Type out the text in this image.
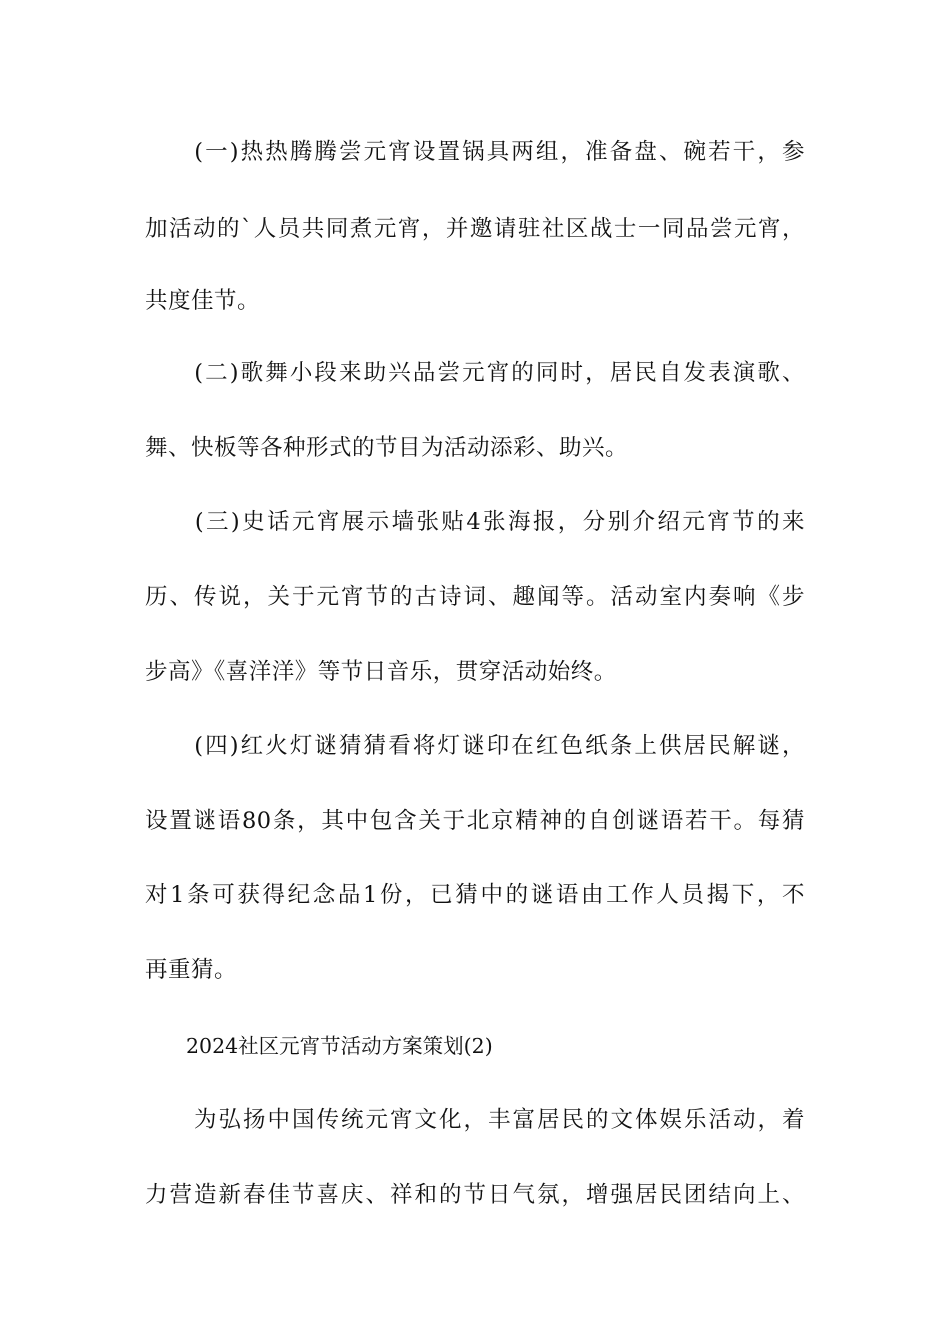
　　(一)热热腾腾尝元宵设置锅具两组，准备盘、碗若干，参
加活动的`人员共同煮元宵，并邀请驻社区战士一同品尝元宵，
共度佳节。
　　(二)歌舞小段来助兴品尝元宵的同时，居民自发表演歌、
舞、快板等各种形式的节目为活动添彩、助兴。
　　(三)史话元宵展示墙张贴4张海报，分别介绍元宵节的来
历、传说，关于元宵节的古诗词、趣闻等。活动室内奏响《步
步高》《喜洋洋》等节日音乐，贯穿活动始终。
　　(四)红火灯谜猜猜看将灯谜印在红色纸条上供居民解谜，
设置谜语80条，其中包含关于北京精神的自创谜语若干。每猜
对1条可获得纪念品1份，已猜中的谜语由工作人员揭下，不
再重猜。
　　2024社区元宵节活动方案策划(2)
　　为弘扬中国传统元宵文化，丰富居民的文体娱乐活动，着
力营造新春佳节喜庆、祥和的节日气氛，增强居民团结向上、
